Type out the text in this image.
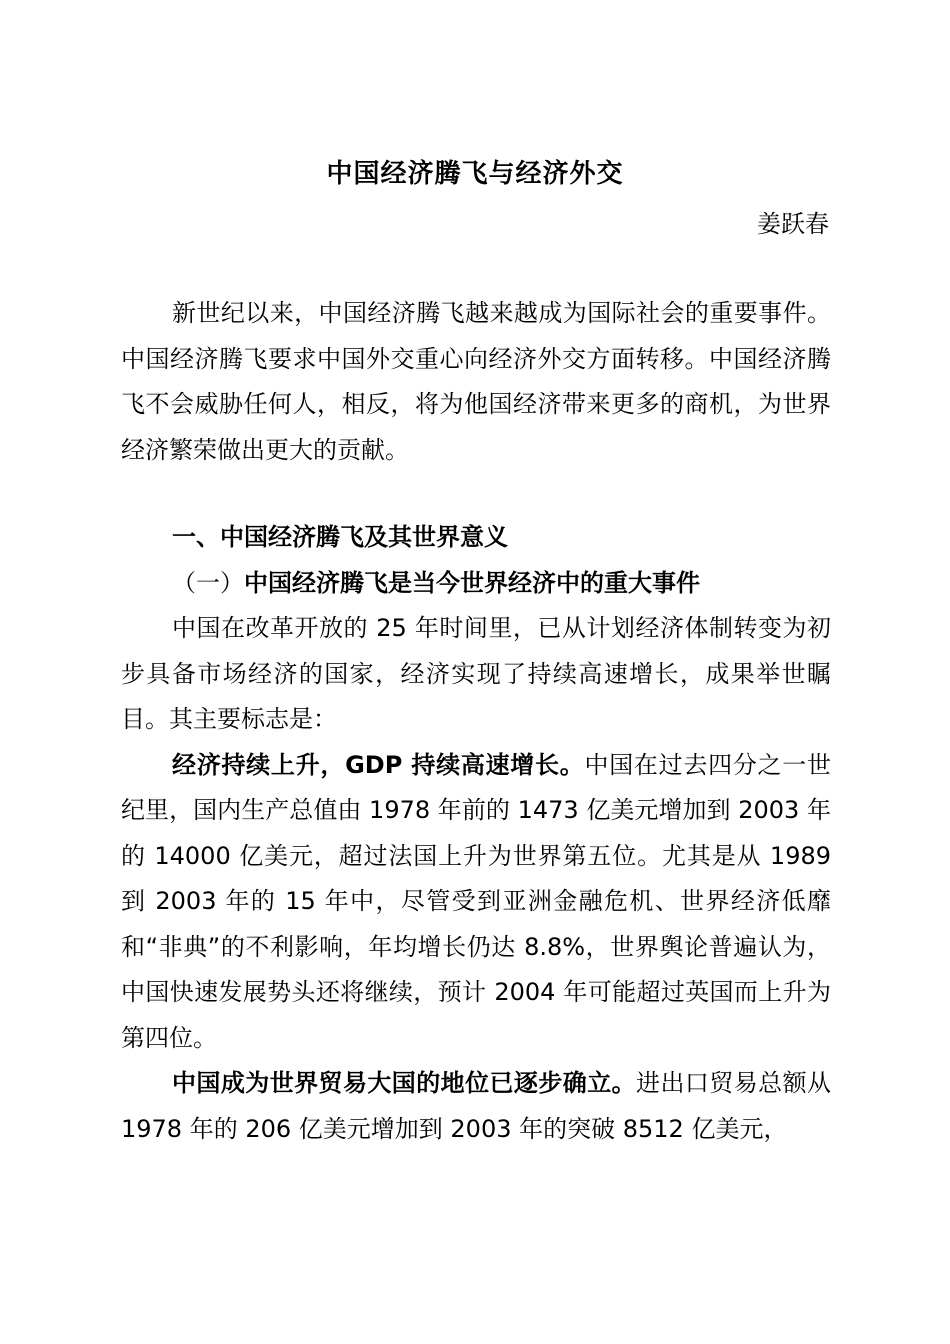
中国经济腾飞与经济外交
姜跃春

新世纪以来，中国经济腾飞越来越成为国际社会的重要事件。中国经济腾飞要求中国外交重心向经济外交方面转移。中国经济腾飞不会威胁任何人，相反，将为他国经济带来更多的商机，为世界经济繁荣做出更大的贡献。

一、中国经济腾飞及其世界意义

（一）中国经济腾飞是当今世界经济中的重大事件

中国在改革开放的 25 年时间里，已从计划经济体制转变为初步具备市场经济的国家，经济实现了持续高速增长，成果举世瞩目。其主要标志是：

经济持续上升，GDP 持续高速增长。中国在过去四分之一世纪里，国内生产总值由 1978 年前的 1473 亿美元增加到 2003 年的 14000 亿美元，超过法国上升为世界第五位。尤其是从 1989 到 2003 年的 15 年中，尽管受到亚洲金融危机、世界经济低靡和“非典”的不利影响，年均增长仍达 8.8%，世界舆论普遍认为，中国快速发展势头还将继续，预计 2004 年可能超过英国而上升为第四位。

中国成为世界贸易大国的地位已逐步确立。进出口贸易总额从 1978 年的 206 亿美元增加到 2003 年的突破 8512 亿美元，
